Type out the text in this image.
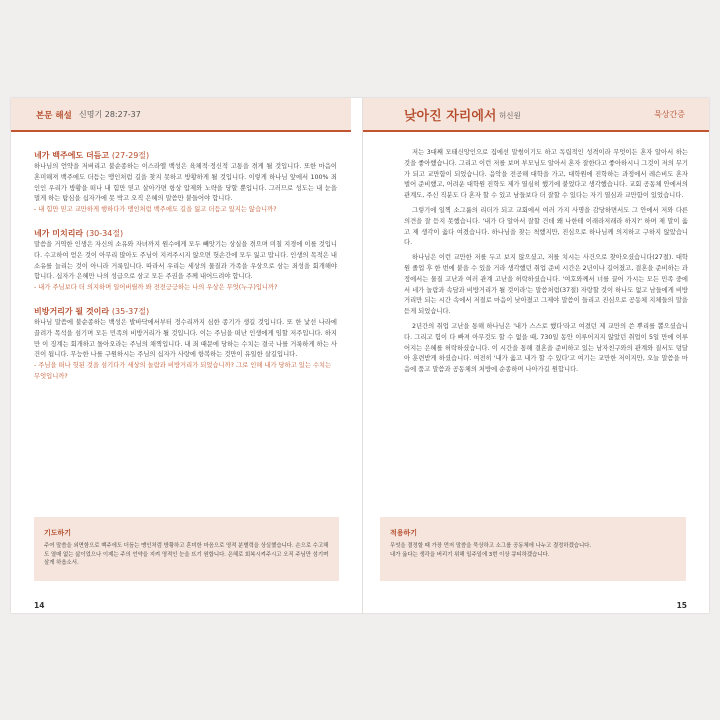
본문 해설 신명기 28:27-37
네가 백주에도 더듬고 (27-29절)

하나님의 언약을 저버리고 불순종하는 이스라엘 백성은 육체적·정신적 고통을 겪게 될 것입니다. 또한 마음이 혼미해져 백주에도 더듬는 맹인처럼 길을 찾지 못하고 방황하게 될 것입니다. 이렇게 하나님 앞에서 100% 죄인인 우리가 방황을 떠나 내 힘만 믿고 살아가면 항상 압제와 노략을 당할 뿐입니다. 그러므로 성도는 내 눈을 멀게 하는 탐심을 십자가에 못 박고 오직 은혜의 말씀만 붙들어야 합니다.

- 내 힘만 믿고 교만하게 행하다가 맹인처럼 백주에도 길을 잃고 더듬고 있지는 않습니까?

네가 미치리라 (30-34절)

말씀을 거역한 인생은 자신의 소유와 자녀까지 원수에게 모두 빼앗기는 상실을 겪으며 미칠 지경에 이를 것입니다. 수고하여 얻은 것이 아무리 많아도 주님이 지켜주시지 않으면 헛손간에 모두 잃고 맙니다. 인생의 목적은 내 소유를 늘리는 것이 아니라 거룩입니다. 따라서 우리는 세상의 물질과 가족을 우상으로 삼는 죄성을 회개해야 합니다. 십자가 은혜만 나의 성급으로 삼고 모든 주권을 주께 내어드려야 합니다.

- 내가 주님보다 더 의지하며 일어버릴까 봐 전전긍긍하는 나의 우상은 무엇(누구)입니까?

비방거리가 될 것이라 (35-37절)

하나님 말씀에 불순종하는 백성은 발바닥에서부터 정수리까지 심한 종기가 생길 것입니다. 또 한 낯선 나라에 끌려가 목석을 섬기며 모든 민족의 비방거리가 될 것입니다. 이는 주님을 떠난 인생에게 임할 저주입니다. 하지만 이 징계는 회개하고 돌아오라는 주님의 채찍입니다. 내 죄 때문에 당하는 수치는 결국 나를 거룩하게 하는 사건이 됩니다. 무능한 나를 구원하시는 주님의 십자가 사랑에 항복하는 것만이 유일한 살길입니다.

- 주님을 떠나 헛된 것을 섬기다가 세상의 놀람과 비방거리가 되었습니까? 그로 인해 내가 당하고 있는 수치는 무엇입니까?

기도하기
주여 말씀을 외면함으로 백주에도 더듬는 맹인처럼 방황하고 혼미한 마음으로 영적 분별력을 상실했습니다. 손으로 수고해도 열매 없는 삶이었으나 이제는 주의 언약을 지켜 영적인 눈을 뜨기 원합니다. 은혜로 회복시켜주시고 오직 주님만 섬기며 살게 하옵소서.
14
낮아진 자리에서 허신원	묵상간증

저는 3대째 모태신앙인으로 집에선 말썽이기도 하고 독립적인 성격이라 무엇이든 혼자 알아서 하는 것을 좋아했습니다. 그리고 이런 저를 보며 부모님도 알아서 혼자 잘한다고 좋아하시니 그것이 저의 무기가 되고 교만함이 되었습니다. 음악을 전공해 대학을 가고, 대학원에 진학하는 과정에서 레슨비도 혼자 벌어 준비했고, 어려운 대학원 진학도 제가 열심히 했기에 붙었다고 생각했습니다. 교회 공동체 안에서의 관계도, 주신 직분도 다 혼자 할 수 있고 남들보다 더 잘할 수 있다는 자기 열심과 교만함이 있었습니다.

그렇기에 일찍 소그룹의 리더가 되고 교회에서 여러 가지 사명을 감당하면서도 그 안에서 저와 다른 의견을 잘 듣지 못했습니다. '내가 다 알아서 잘할 건데 왜 나한테 이래라저래라 하지?' 하며 제 말이 옳고 제 생각이 옳다 여겼습니다. 하나님을 찾는 척했지만, 진심으로 하나님께 의지하고 구하지 않았습니다.

하나님은 이런 교만한 저를 두고 보지 않으셨고, 저를 치시는 사건으로 찾아오셨습니다(27절). 대학원 졸업 후 한 번에 붙을 수 있을 거라 생각했던 취업 준비 시간은 2년이나 길어졌고, 결혼을 준비하는 과정에서는 물질 고난과 여러 관계 고난을 허락하셨습니다. '여호와께서 너를 끌어 가시는 모든 민족 중에서 네가 놀람과 속담과 비방거리가 될 것이라'는 말씀처럼(37절) 자랑할 것이 하나도 없고 남들에게 비방거리만 되는 시간 속에서 저절로 마음이 낮아졌고 그제야 말씀이 들리고 진심으로 공동체 지체들의 말을 듣게 되었습니다.

2년간의 취업 고난을 통해 하나님은 '내가 스스로 했다'라고 여겼던 제 교만의 쓴 뿌리를 뽑으셨습니다. 그리고 힘이 다 빠져 아무것도 할 수 없을 때, 730일 동안 이루어지지 않았던 취업이 5일 만에 이루어지는 은혜를 허락하셨습니다. 이 시간을 통해 결혼을 준비하고 있는 남자친구와의 관계와 질서도 덩달아 훈련받게 하셨습니다. 여전히 '내가 옳고 내가 할 수 있다'고 여기는 교만한 저이지만, 오늘 말씀을 마음에 품고 말씀과 공동체의 처방에 순종하며 나아가길 원합니다.

적용하기
무엇을 결정할 때 가장 먼저 말씀을 묵상하고 소그룹 공동체에 나누고 결정하겠습니다.
내가 옳다는 생각을 버리기 위해 일주일에 3번 이상 큐티하겠습니다.
15
